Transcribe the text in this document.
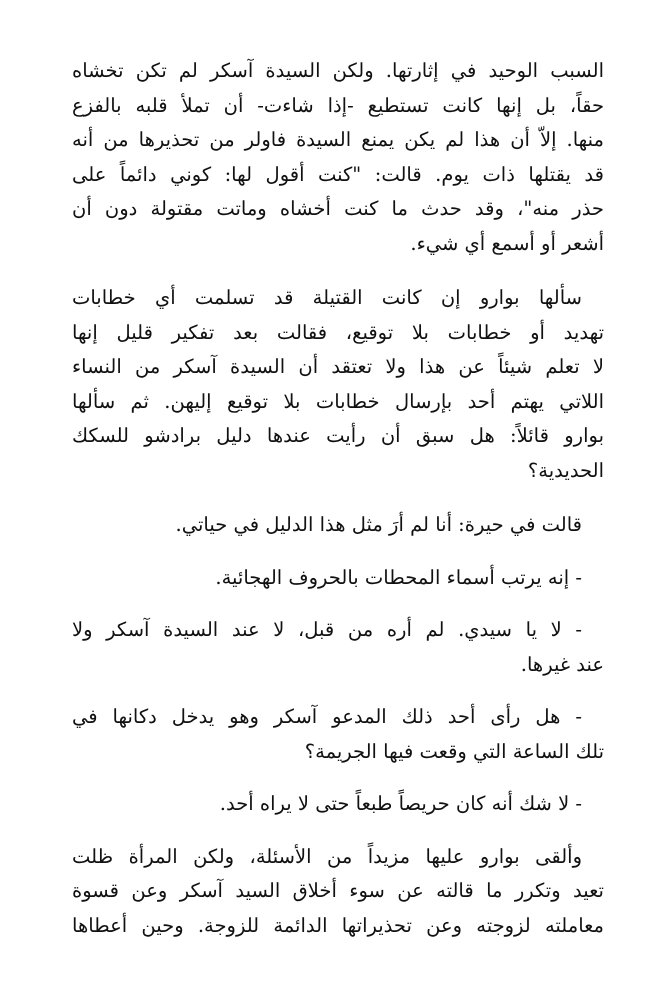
السبب الوحيد في إثارتها. ولكن السيدة آسكر لم تكن تخشاه
حقاً، بل إنها كانت تستطيع -إذا شاءت- أن تملأ قلبه بالفزع
منها. إلاّ أن هذا لم يكن يمنع السيدة فاولر من تحذيرها من أنه
قد يقتلها ذات يوم. قالت: "كنت أقول لها: كوني دائماً على
حذر منه"، وقد حدث ما كنت أخشاه وماتت مقتولة دون أن
أشعر أو أسمع أي شيء.
سألها بوارو إن كانت القتيلة قد تسلمت أي خطابات
تهديد أو خطابات بلا توقيع، فقالت بعد تفكير قليل إنها
لا تعلم شيئاً عن هذا ولا تعتقد أن السيدة آسكر من النساء
اللاتي يهتم أحد بإرسال خطابات بلا توقيع إليهن. ثم سألها
بوارو قائلاً: هل سبق أن رأيت عندها دليل برادشو للسكك
الحديدية؟
قالت في حيرة: أنا لم أرَ مثل هذا الدليل في حياتي.
- إنه يرتب أسماء المحطات بالحروف الهجائية.
- لا يا سيدي. لم أره من قبل، لا عند السيدة آسكر ولا
عند غيرها.
- هل رأى أحد ذلك المدعو آسكر وهو يدخل دكانها في
تلك الساعة التي وقعت فيها الجريمة؟
- لا شك أنه كان حريصاً طبعاً حتى لا يراه أحد.
وألقى بوارو عليها مزيداً من الأسئلة، ولكن المرأة ظلت
تعيد وتكرر ما قالته عن سوء أخلاق السيد آسكر وعن قسوة
معاملته لزوجته وعن تحذيراتها الدائمة للزوجة. وحين أعطاها
